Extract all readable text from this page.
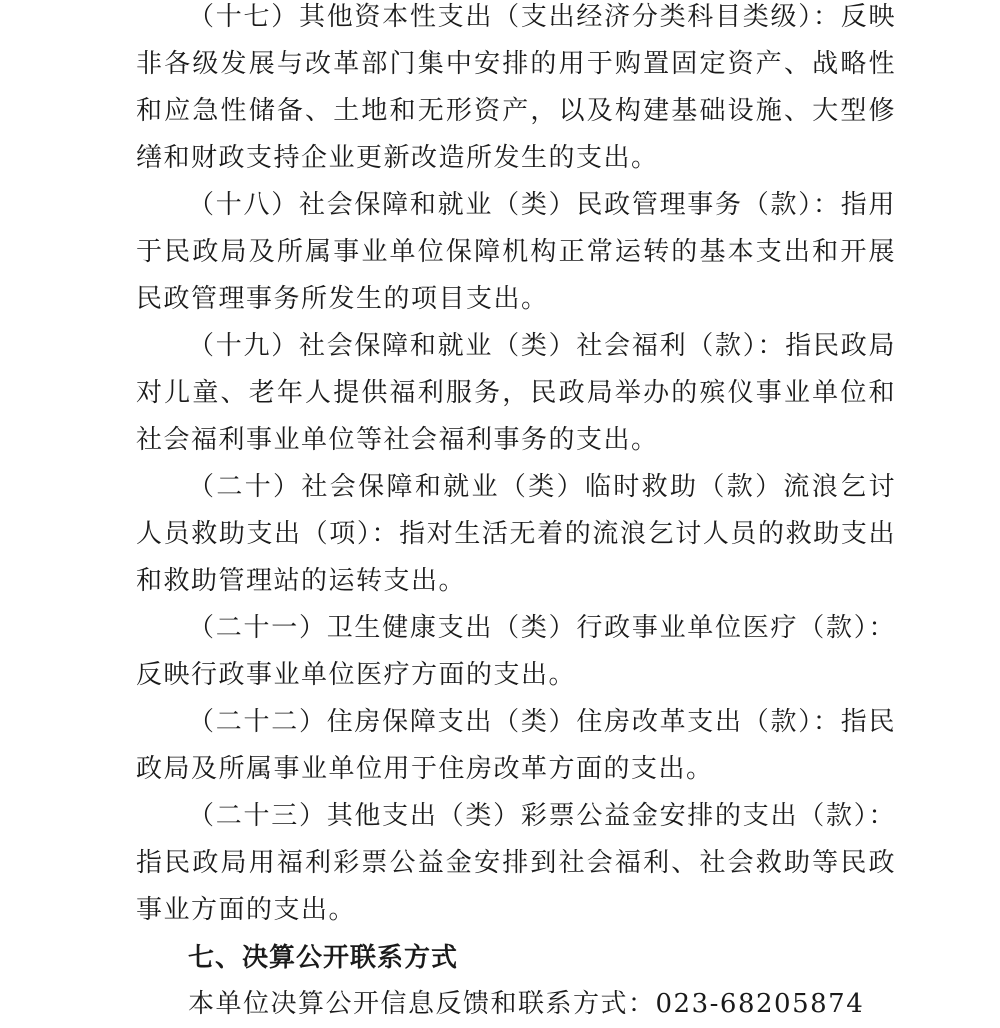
（十七）其他资本性支出（支出经济分类科目类级）：反映非各级发展与改革部门集中安排的用于购置固定资产、战略性和应急性储备、土地和无形资产，以及构建基础设施、大型修缮和财政支持企业更新改造所发生的支出。

（十八）社会保障和就业（类）民政管理事务（款）：指用于民政局及所属事业单位保障机构正常运转的基本支出和开展民政管理事务所发生的项目支出。

（十九）社会保障和就业（类）社会福利（款）：指民政局对儿童、老年人提供福利服务，民政局举办的殡仪事业单位和社会福利事业单位等社会福利事务的支出。

（二十）社会保障和就业（类）临时救助（款）流浪乞讨人员救助支出（项）：指对生活无着的流浪乞讨人员的救助支出和救助管理站的运转支出。

（二十一）卫生健康支出（类）行政事业单位医疗（款）：反映行政事业单位医疗方面的支出。

（二十二）住房保障支出（类）住房改革支出（款）：指民政局及所属事业单位用于住房改革方面的支出。

（二十三）其他支出（类）彩票公益金安排的支出（款）：指民政局用福利彩票公益金安排到社会福利、社会救助等民政事业方面的支出。

七、决算公开联系方式

本单位决算公开信息反馈和联系方式：023-68205874
